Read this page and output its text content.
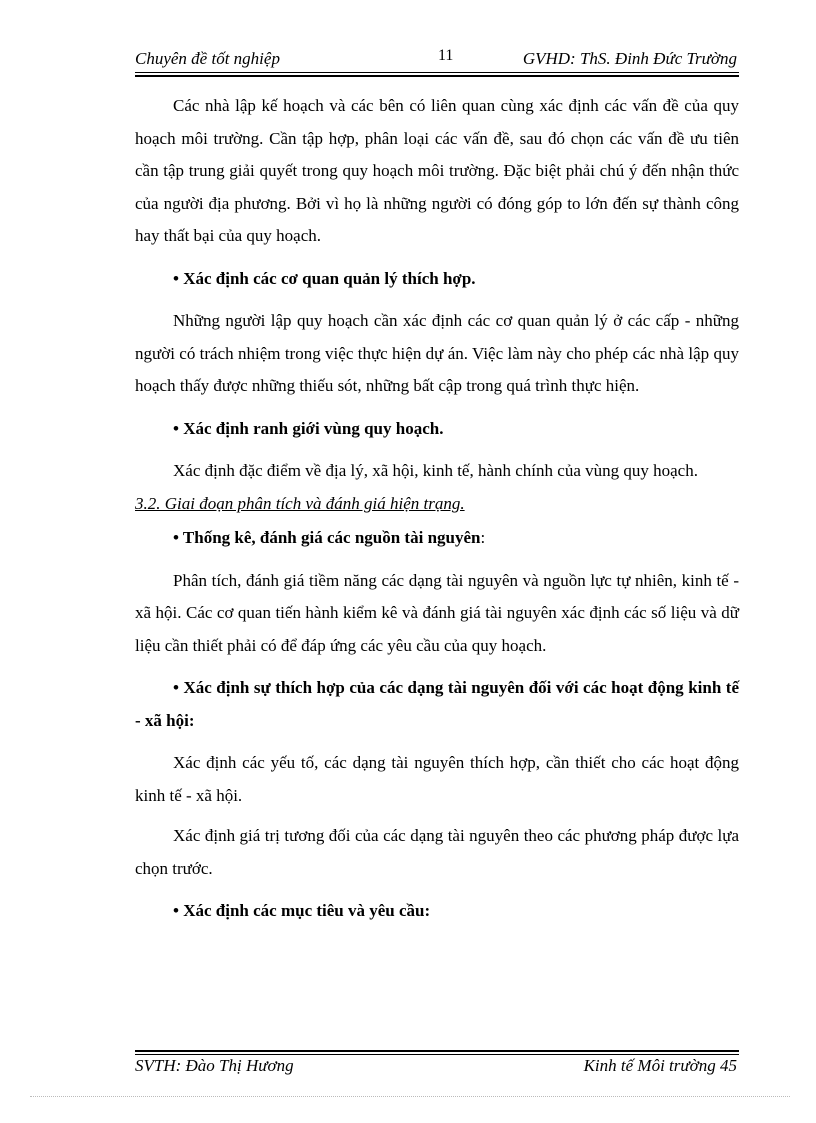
Chuyên đề tốt nghiệp	11	GVHD: ThS. Đinh Đức Trường

Các nhà lập kế hoạch và các bên có liên quan cùng xác định các vấn đề của quy hoạch môi trường. Cần tập hợp, phân loại các vấn đề, sau đó chọn các vấn đề ưu tiên cần tập trung giải quyết trong quy hoạch môi trường. Đặc biệt phải chú ý đến nhận thức của người địa phương. Bởi vì họ là những người có đóng góp to lớn đến sự thành công hay thất bại của quy hoạch.

• Xác định các cơ quan quản lý thích hợp.

Những người lập quy hoạch cần xác định các cơ quan quản lý ở các cấp - những người có trách nhiệm trong việc thực hiện dự án. Việc làm này cho phép các nhà lập quy hoạch thấy được những thiếu sót, những bất cập trong quá trình thực hiện.

• Xác định ranh giới vùng quy hoạch.

Xác định đặc điểm về địa lý, xã hội, kinh tế, hành chính của vùng quy hoạch.

3.2. Giai đoạn phân tích và đánh giá hiện trạng.

• Thống kê, đánh giá các nguồn tài nguyên:

Phân tích, đánh giá tiềm năng các dạng tài nguyên và nguồn lực tự nhiên, kinh tế - xã hội. Các cơ quan tiến hành kiểm kê và đánh giá tài nguyên xác định các số liệu và dữ liệu cần thiết phải có để đáp ứng các yêu cầu của quy hoạch.

• Xác định sự thích hợp của các dạng tài nguyên đối với các hoạt động kinh tế - xã hội:

Xác định các yếu tố, các dạng tài nguyên thích hợp, cần thiết cho các hoạt động kinh tế - xã hội.

Xác định giá trị tương đối của các dạng tài nguyên theo các phương pháp được lựa chọn trước.

• Xác định các mục tiêu và yêu cầu:

SVTH: Đào Thị Hương	Kinh tế Môi trường 45
